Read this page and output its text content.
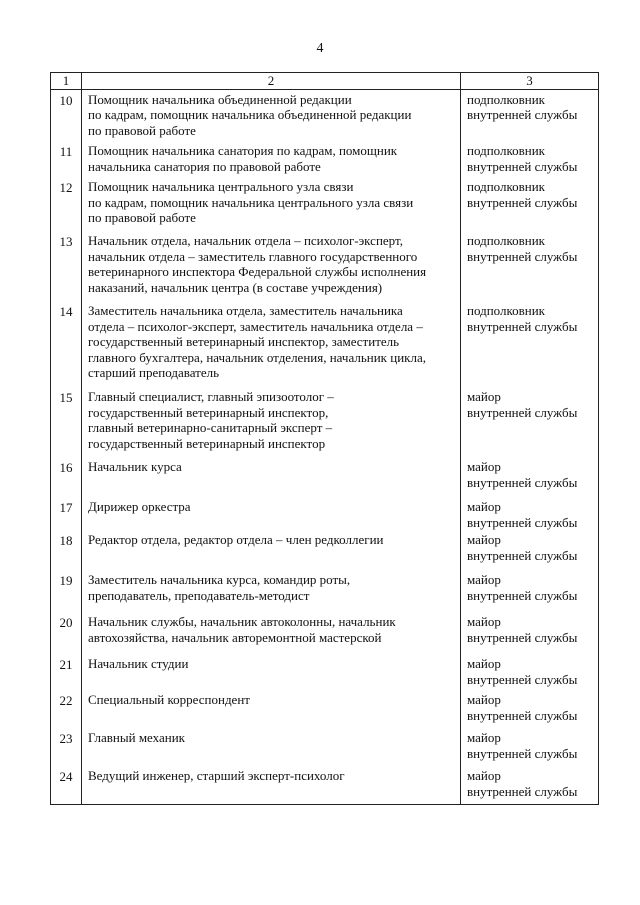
4
1	2	3
10	Помощник начальника объединенной редакции
по кадрам, помощник начальника объединенной редакции
по правовой работе	подполковник
внутренней службы

11	Помощник начальника санатория по кадрам, помощник
начальника санатория по правовой работе	подполковник
внутренней службы

12	Помощник начальника центрального узла связи
по кадрам, помощник начальника центрального узла связи
по правовой работе	подполковник
внутренней службы

13	Начальник отдела, начальник отдела – психолог-эксперт,
начальник отдела – заместитель главного государственного
ветеринарного инспектора Федеральной службы исполнения
наказаний, начальник центра (в составе учреждения)	подполковник
внутренней службы

14	Заместитель начальника отдела, заместитель начальника
отдела – психолог-эксперт, заместитель начальника отдела –
государственный ветеринарный инспектор, заместитель
главного бухгалтера, начальник отделения, начальник цикла,
старший преподаватель	подполковник
внутренней службы

15	Главный специалист, главный эпизоотолог –
государственный ветеринарный инспектор,
главный ветеринарно-санитарный эксперт –
государственный ветеринарный инспектор	майор
внутренней службы

16	Начальник курса	майор
внутренней службы

17	Дирижер оркестра	майор
внутренней службы

18	Редактор отдела, редактор отдела – член редколлегии	майор
внутренней службы

19	Заместитель начальника курса, командир роты,
преподаватель, преподаватель-методист	майор
внутренней службы

20	Начальник службы, начальник автоколонны, начальник
автохозяйства, начальник авторемонтной мастерской	майор
внутренней службы

21	Начальник студии	майор
внутренней службы

22	Специальный корреспондент	майор
внутренней службы

23	Главный механик	майор
внутренней службы

24	Ведущий инженер, старший эксперт-психолог	майор
внутренней службы
